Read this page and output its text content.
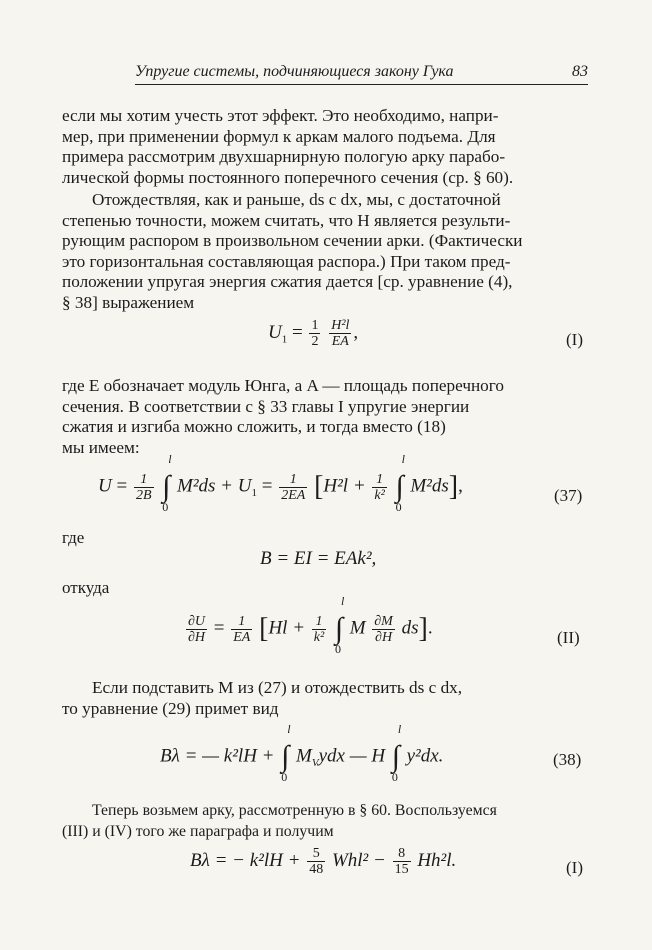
Упругие системы, подчиняющиеся закону Гука	83

если мы хотим учесть этот эффект. Это необходимо, напри-
мер, при применении формул к аркам малого подъема. Для
примера рассмотрим двухшарнирную пологую арку парабо-
лической формы постоянного поперечного сечения (ср. § 60).

Отождествляя, как и раньше, ds с dx, мы, с достаточной
степенью точности, можем считать, что H является результи-
рующим распором в произвольном сечении арки. (Фактически
это горизонтальная составляющая распора.) При таком пред-
положении упругая энергия сжатия дается [ср. уравнение (4),
§ 38] выражением

$U_1 = \frac{1}{2}$
$\frac{\text{H²l}}{EA}$ ,	(I)

где E обозначает модуль Юнга, а A — площадь поперечного
сечения. В соответствии с § 33 главы I упругие энергии
сжатия и изгиба можно сложить, и тогда вместо (18)
мы имеем:

$U = \frac{1}{2B}$ ∫
l
0
$M^2ds + U_1 = \frac{1}{2EA} [H^2l + \frac{1}{\text{k²}}$ ∫
l
0
M²ds],	(37)
где
B = EI = EAk²,
откуда
$\frac{\partial U}{\partial H} = \frac{1}{EA} [Hl + \frac{1}{\text{k²}}$ ∫
l
0
M $\frac{\partial M}{\partial H} ds$].	(II)

Если подставить M из (27) и отождествить ds с dx,
то уравнение (29) примет вид

Bλ = — k²lH + ∫
l
0
$M_Vydx$ — H ∫
l
0
y²dx.	(38)

Теперь возьмем арку, рассмотренную в § 60. Воспользуемся
(III) и (IV) того же параграфа и получим

Bλ = − $k^2lH + \frac{5}{48} Whl^2 - \frac{8}{15} Hh^2l$.	(I)
